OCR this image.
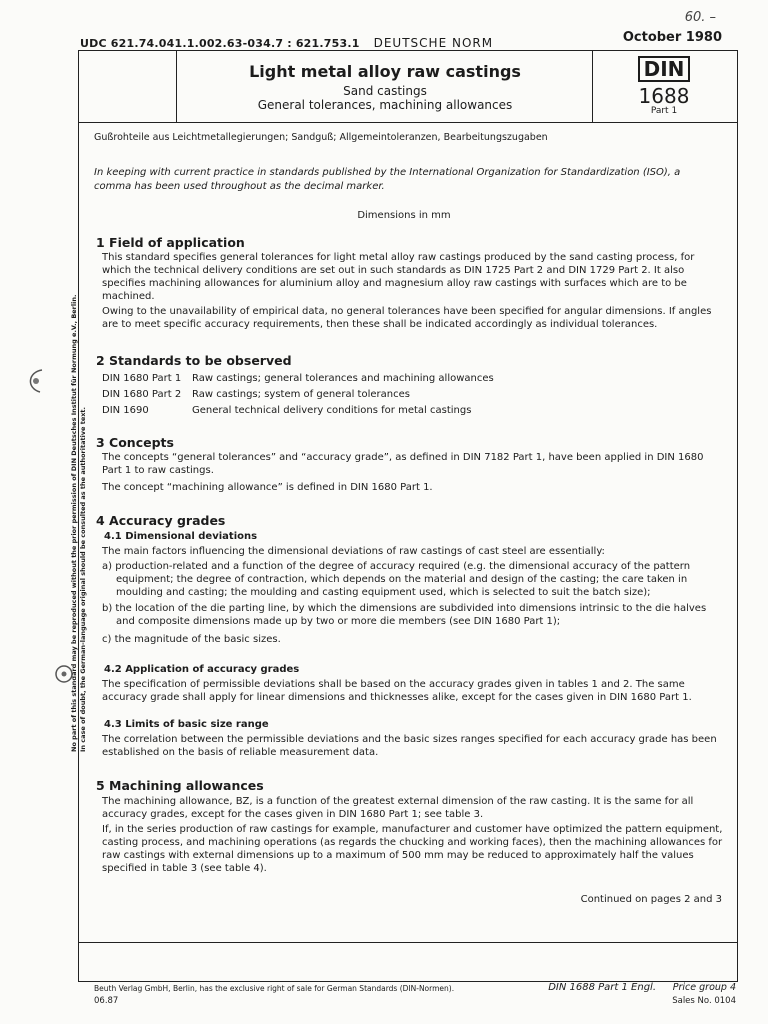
60. –
UDC 621.74.041.1.002.63-034.7 : 621.753.1 DEUTSCHE NORM	October 1980
Light metal alloy raw castings
Sand castings
General tolerances, machining allowances
DIN
1688
Part 1
Gußrohteile aus Leichtmetallegierungen; Sandguß; Allgemeintoleranzen, Bearbeitungszugaben
In keeping with current practice in standards published by the International Organization for Standardization (ISO), a comma has been used throughout as the decimal marker.
Dimensions in mm
1 Field of application
This standard specifies general tolerances for light metal alloy raw castings produced by the sand casting process, for which the technical delivery conditions are set out in such standards as DIN 1725 Part 2 and DIN 1729 Part 2. It also specifies machining allowances for aluminium alloy and magnesium alloy raw castings with surfaces which are to be machined.
Owing to the unavailability of empirical data, no general tolerances have been specified for angular dimensions. If angles are to meet specific accuracy requirements, then these shall be indicated accordingly as individual tolerances.
2 Standards to be observed
DIN 1680 Part 1 Raw castings; general tolerances and machining allowances
DIN 1680 Part 2 Raw castings; system of general tolerances
DIN 1690	General technical delivery conditions for metal castings
3 Concepts
The concepts “general tolerances” and “accuracy grade”, as defined in DIN 7182 Part 1, have been applied in DIN 1680 Part 1 to raw castings.
The concept “machining allowance” is defined in DIN 1680 Part 1.
4 Accuracy grades
4.1 Dimensional deviations
The main factors influencing the dimensional deviations of raw castings of cast steel are essentially:
a) production-related and a function of the degree of accuracy required (e.g. the dimensional accuracy of the pattern equipment; the degree of contraction, which depends on the material and design of the casting; the care taken in moulding and casting; the moulding and casting equipment used, which is selected to suit the batch size);
b) the location of the die parting line, by which the dimensions are subdivided into dimensions intrinsic to the die halves and composite dimensions made up by two or more die members (see DIN 1680 Part 1);
c) the magnitude of the basic sizes.
4.2 Application of accuracy grades
The specification of permissible deviations shall be based on the accuracy grades given in tables 1 and 2. The same accuracy grade shall apply for linear dimensions and thicknesses alike, except for the cases given in DIN 1680 Part 1.
4.3 Limits of basic size range
The correlation between the permissible deviations and the basic sizes ranges specified for each accuracy grade has been established on the basis of reliable measurement data.
5 Machining allowances
The machining allowance, BZ, is a function of the greatest external dimension of the raw casting. It is the same for all accuracy grades, except for the cases given in DIN 1680 Part 1; see table 3.
If, in the series production of raw castings for example, manufacturer and customer have optimized the pattern equipment, casting process, and machining operations (as regards the chucking and working faces), then the machining allowances for raw castings with external dimensions up to a maximum of 500 mm may be reduced to approximately half the values specified in table 3 (see table 4).
Continued on pages 2 and 3
Beuth Verlag GmbH, Berlin, has the exclusive right of sale for German Standards (DIN-Normen).
06.87
DIN 1688 Part 1 Engl. Price group 4
Sales No. 0104
No part of this standard may be reproduced without the prior permission of DIN Deutsches Institut für Normung e.V., Berlin. In case of doubt, the German-language original should be consulted as the authoritative text.
